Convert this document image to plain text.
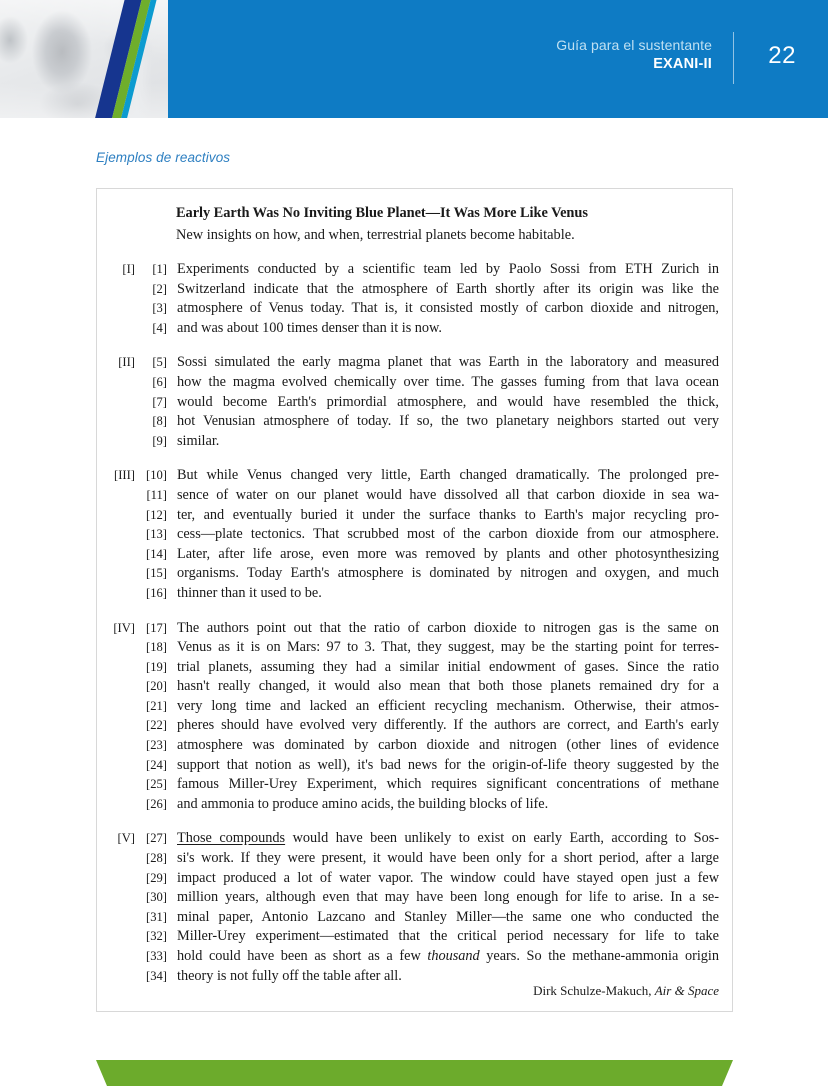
Guía para el sustentante
EXANI-II 22
Ejemplos de reactivos
Early Earth Was No Inviting Blue Planet—It Was More Like Venus
New insights on how, and when, terrestrial planets become habitable.
[I]	[1] Experiments conducted by a scientific team led by Paolo Sossi from ETH Zurich in
[2] Switzerland indicate that the atmosphere of Earth shortly after its origin was like the
[3] atmosphere of Venus today. That is, it consisted mostly of carbon dioxide and nitrogen,
[4] and was about 100 times denser than it is now.
[II]	[5] Sossi simulated the early magma planet that was Earth in the laboratory and measured
[6] how the magma evolved chemically over time. The gasses fuming from that lava ocean
[7] would become Earth's primordial atmosphere, and would have resembled the thick,
[8] hot Venusian atmosphere of today. If so, the two planetary neighbors started out very
[9] similar.
[III] [10] But while Venus changed very little, Earth changed dramatically. The prolonged pre-
[11] sence of water on our planet would have dissolved all that carbon dioxide in sea wa-
[12] ter, and eventually buried it under the surface thanks to Earth's major recycling pro-
[13] cess—plate tectonics. That scrubbed most of the carbon dioxide from our atmosphere.
[14] Later, after life arose, even more was removed by plants and other photosynthesizing
[15] organisms. Today Earth's atmosphere is dominated by nitrogen and oxygen, and much
[16] thinner than it used to be.
[IV] [17] The authors point out that the ratio of carbon dioxide to nitrogen gas is the same on
[18] Venus as it is on Mars: 97 to 3. That, they suggest, may be the starting point for terres-
[19] trial planets, assuming they had a similar initial endowment of gases. Since the ratio
[20] hasn't really changed, it would also mean that both those planets remained dry for a
[21] very long time and lacked an efficient recycling mechanism. Otherwise, their atmos-
[22] pheres should have evolved very differently. If the authors are correct, and Earth's early
[23] atmosphere was dominated by carbon dioxide and nitrogen (other lines of evidence
[24] support that notion as well), it's bad news for the origin-of-life theory suggested by the
[25] famous Miller-Urey Experiment, which requires significant concentrations of methane
[26] and ammonia to produce amino acids, the building blocks of life.
[V] [27] Those compounds would have been unlikely to exist on early Earth, according to Sos-
[28] si's work. If they were present, it would have been only for a short period, after a large
[29] impact produced a lot of water vapor. The window could have stayed open just a few
[30] million years, although even that may have been long enough for life to arise. In a se-
[31] minal paper, Antonio Lazcano and Stanley Miller—the same one who conducted the
[32] Miller-Urey experiment—estimated that the critical period necessary for life to take
[33] hold could have been as short as a few thousand years. So the methane-ammonia origin
[34] theory is not fully off the table after all.
Dirk Schulze-Makuch, Air & Space
